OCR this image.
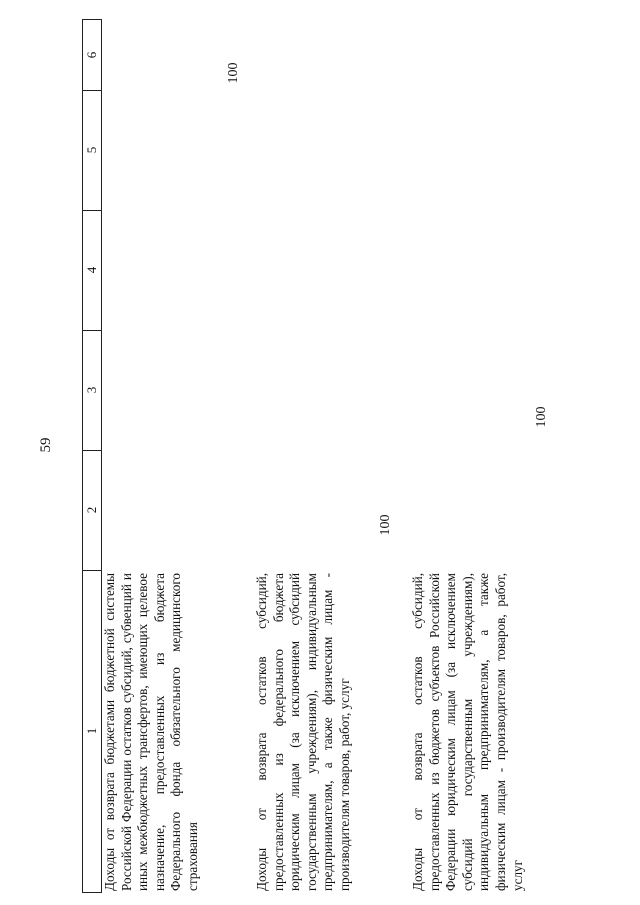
59
1
2
3
4
5
6
Доходы от возврата бюджетами бюджетной системы Российской Федерации остатков субсидий, субвенций и иных межбюджетных трансфертов, имеющих целевое назначение, предоставленных из бюджета Федерального фонда обязательного медицинского страхования
100
Доходы от возврата остатков субсидий, предоставленных из федерального бюджета юридическим лицам (за исключением субсидий государственным учреждениям), индивидуальным предпринимателям, а также физическим лицам - производителям товаров, работ, услуг
100
Доходы от возврата остатков субсидий, предоставленных из бюджетов субъектов Российской Федерации юридическим лицам (за исключением субсидий государственным учреждениям), индивидуальным предпринимателям, а также физическим лицам - производителям товаров, работ, услуг
100
